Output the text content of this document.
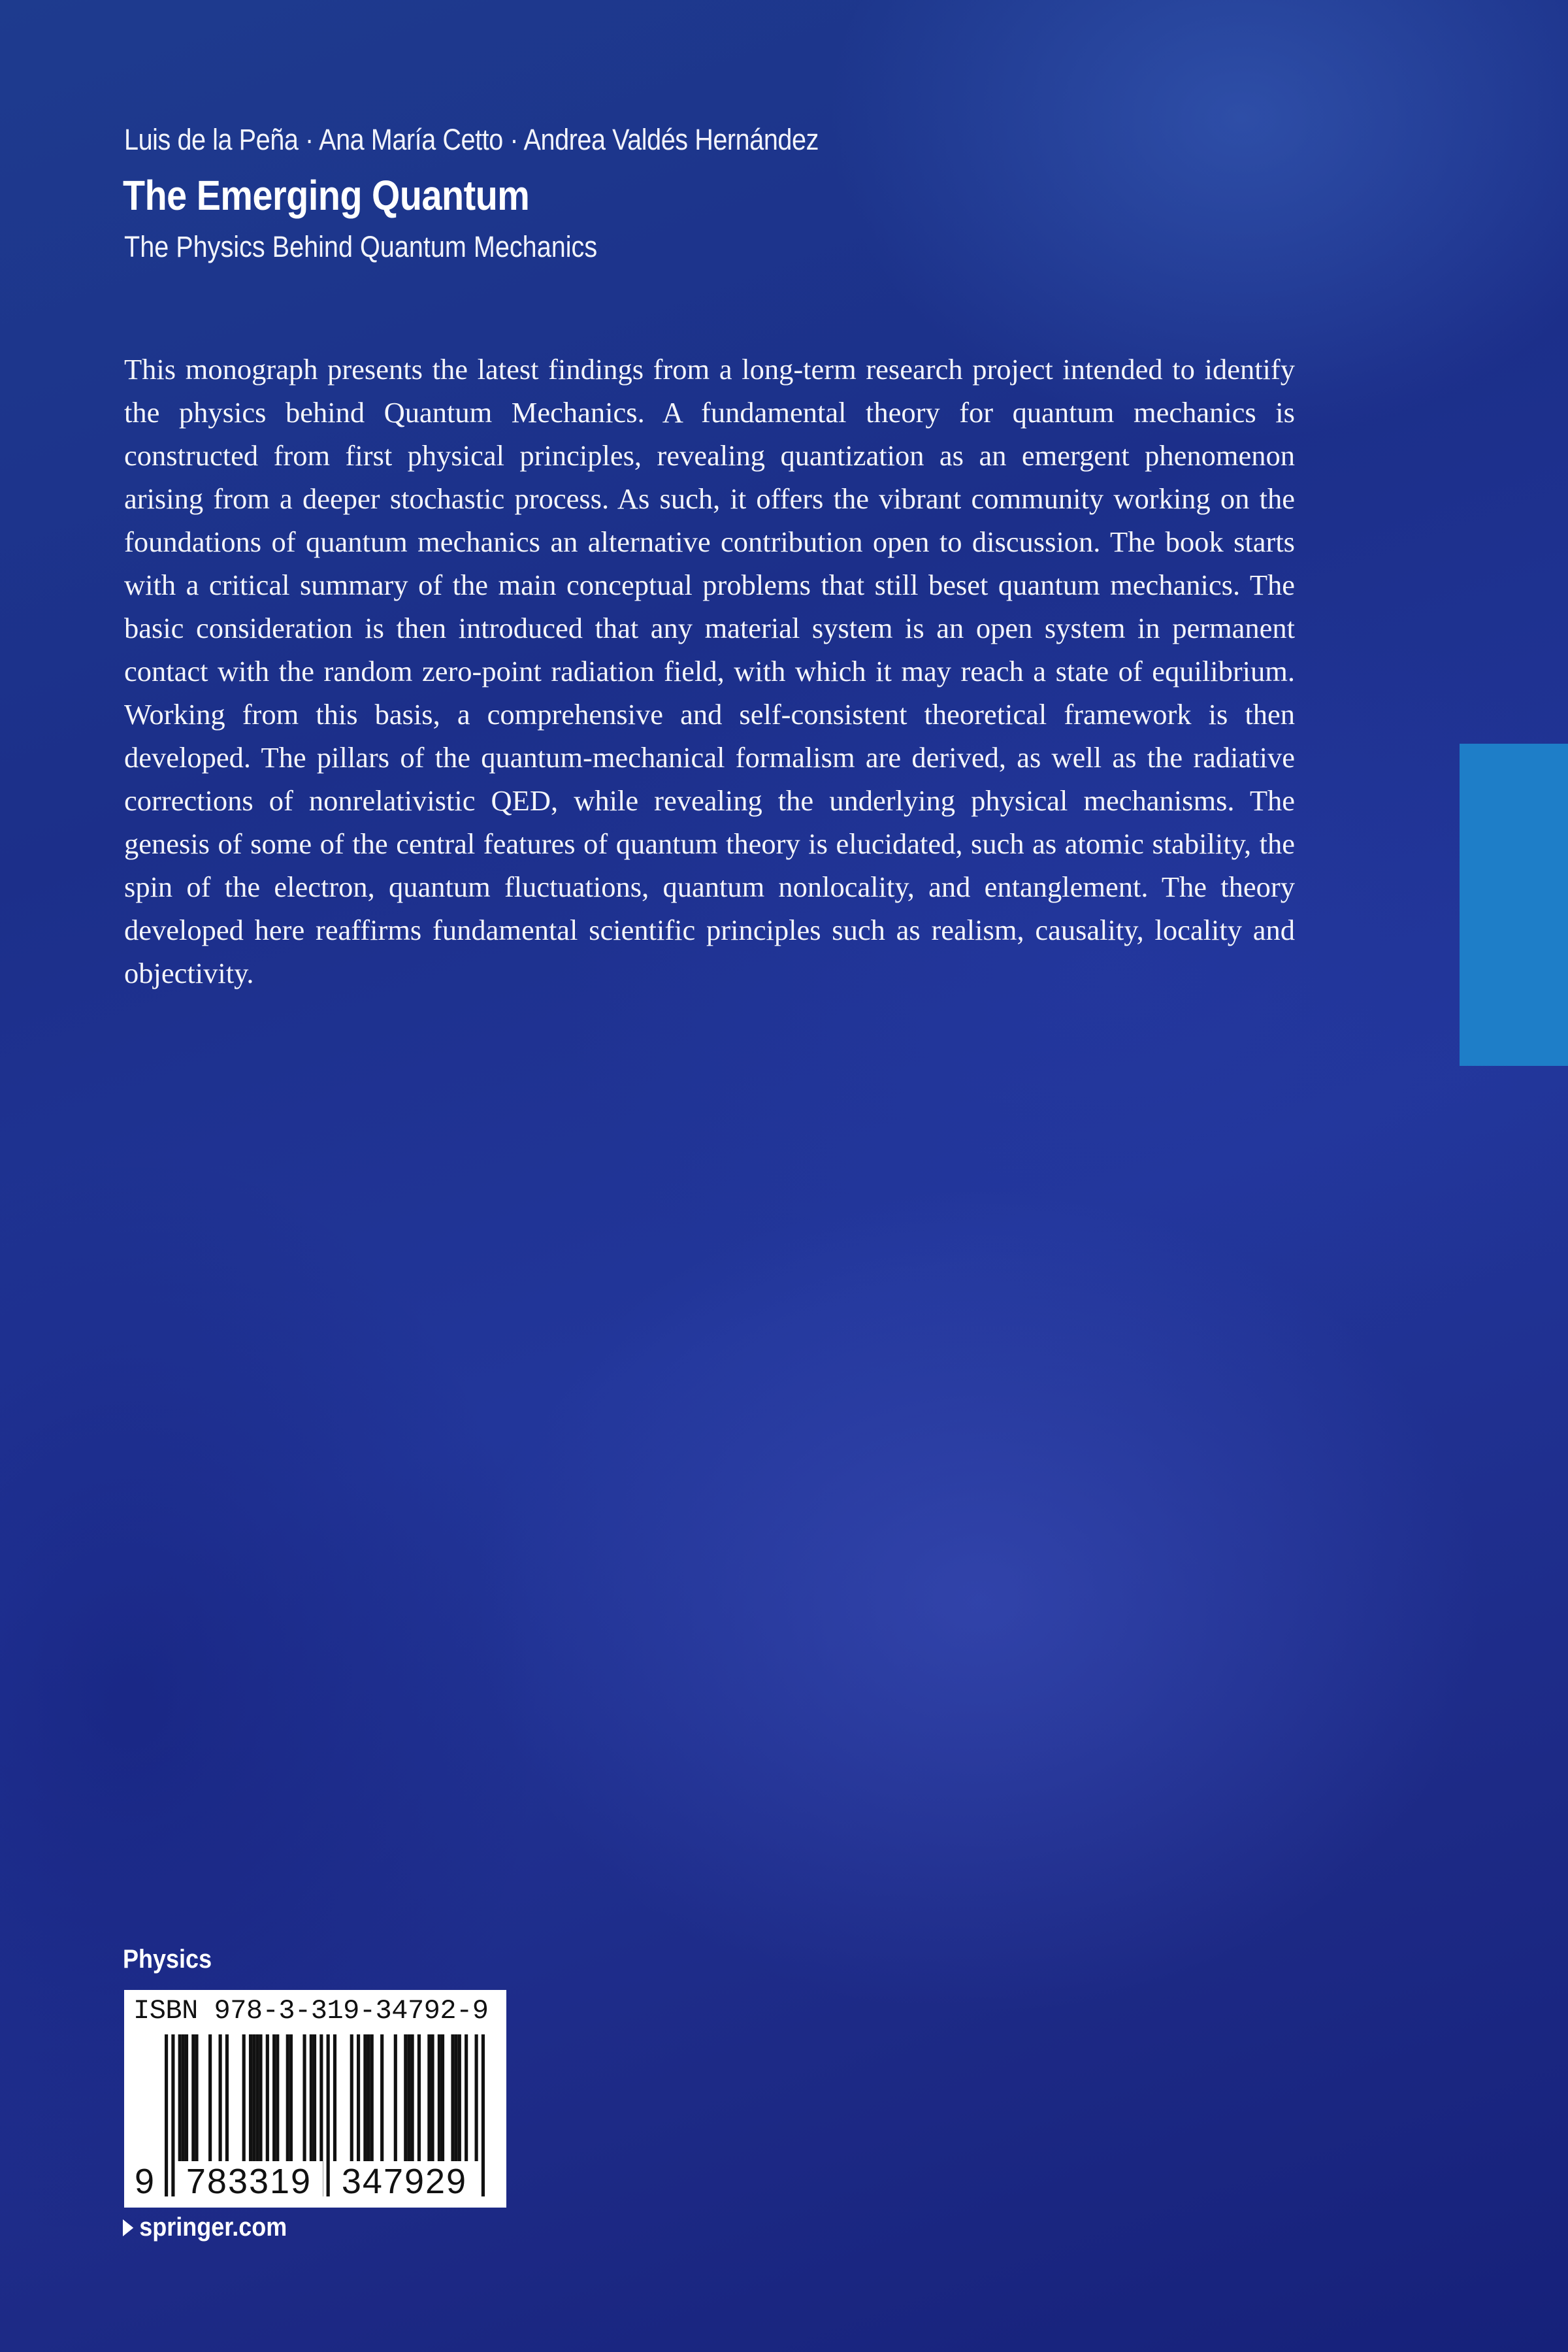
Luis de la Peña · Ana María Cetto · Andrea Valdés Hernández
The Emerging Quantum
The Physics Behind Quantum Mechanics

This monograph presents the latest findings from a long-term research project intended to identify the physics behind Quantum Mechanics. A fundamental theory for quantum mechanics is constructed from first physical principles, revealing quantization as an emergent phenomenon arising from a deeper stochastic process. As such, it offers the vibrant community working on the foundations of quantum mechanics an alternative contribution open to discussion. The book starts with a critical summary of the main conceptual problems that still beset quantum mechanics. The basic consideration is then introduced that any material system is an open system in permanent contact with the random zero-point radiation field, with which it may reach a state of equilibrium. Working from this basis, a comprehensive and self-consistent theoretical framework is then developed. The pillars of the quantum-mechanical formalism are derived, as well as the radiative corrections of nonrelativistic QED, while revealing the underlying physical mechanisms. The genesis of some of the central features of quantum theory is elucidated, such as atomic stability, the spin of the electron, quantum fluctuations, quantum nonlocality, and entanglement. The theory developed here reaffirms fundamental scientific principles such as realism, causality, locality and objectivity.

Physics
ISBN 978-3-319-34792-9
9 783319 347929
springer.com
